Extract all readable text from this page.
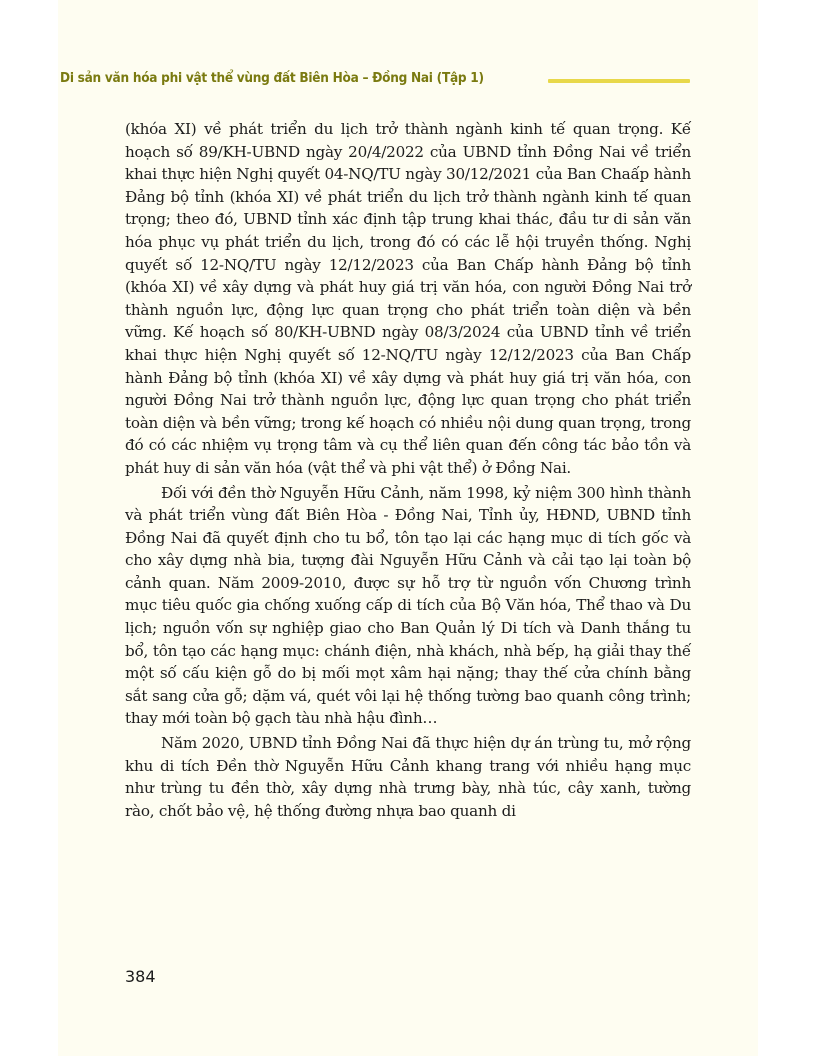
Di sản văn hóa phi vật thể vùng đất Biên Hòa – Đồng Nai (Tập 1)

(khóa XI) về phát triển du lịch trở thành ngành kinh tế quan trọng. Kế hoạch số 89/KH-UBND ngày 20/4/2022 của UBND tỉnh Đồng Nai về triển khai thực hiện Nghị quyết 04-NQ/TU ngày 30/12/2021 của Ban Chaấp hành Đảng bộ tỉnh (khóa XI) về phát triển du lịch trở thành ngành kinh tế quan trọng; theo đó, UBND tỉnh xác định tập trung khai thác, đầu tư di sản văn hóa phục vụ phát triển du lịch, trong đó có các lễ hội truyền thống. Nghị quyết số 12-NQ/TU ngày 12/12/2023 của Ban Chấp hành Đảng bộ tỉnh (khóa XI) về xây dựng và phát huy giá trị văn hóa, con người Đồng Nai trở thành nguồn lực, động lực quan trọng cho phát triển toàn diện và bền vững. Kế hoạch số 80/KH-UBND ngày 08/3/2024 của UBND tỉnh về triển khai thực hiện Nghị quyết số 12-NQ/TU ngày 12/12/2023 của Ban Chấp hành Đảng bộ tỉnh (khóa XI) về xây dựng và phát huy giá trị văn hóa, con người Đồng Nai trở thành nguồn lực, động lực quan trọng cho phát triển toàn diện và bền vững; trong kế hoạch có nhiều nội dung quan trọng, trong đó có các nhiệm vụ trọng tâm và cụ thể liên quan đến công tác bảo tồn và phát huy di sản văn hóa (vật thể và phi vật thể) ở Đồng Nai.

Đối với đền thờ Nguyễn Hữu Cảnh, năm 1998, kỷ niệm 300 hình thành và phát triển vùng đất Biên Hòa - Đồng Nai, Tỉnh ủy, HĐND, UBND tỉnh Đồng Nai đã quyết định cho tu bổ, tôn tạo lại các hạng mục di tích gốc và cho xây dựng nhà bia, tượng đài Nguyễn Hữu Cảnh và cải tạo lại toàn bộ cảnh quan. Năm 2009-2010, được sự hỗ trợ từ nguồn vốn Chương trình mục tiêu quốc gia chống xuống cấp di tích của Bộ Văn hóa, Thể thao và Du lịch; nguồn vốn sự nghiệp giao cho Ban Quản lý Di tích và Danh thắng tu bổ, tôn tạo các hạng mục: chánh điện, nhà khách, nhà bếp, hạ giải thay thế một số cấu kiện gỗ do bị mối mọt xâm hại nặng; thay thế cửa chính bằng sắt sang cửa gỗ; dặm vá, quét vôi lại hệ thống tường bao quanh công trình; thay mới toàn bộ gạch tàu nhà hậu đình…

Năm 2020, UBND tỉnh Đồng Nai đã thực hiện dự án trùng tu, mở rộng khu di tích Đền thờ Nguyễn Hữu Cảnh khang trang với nhiều hạng mục như trùng tu đền thờ, xây dựng nhà trưng bày, nhà túc, cây xanh, tường rào, chốt bảo vệ, hệ thống đường nhựa bao quanh di

384
